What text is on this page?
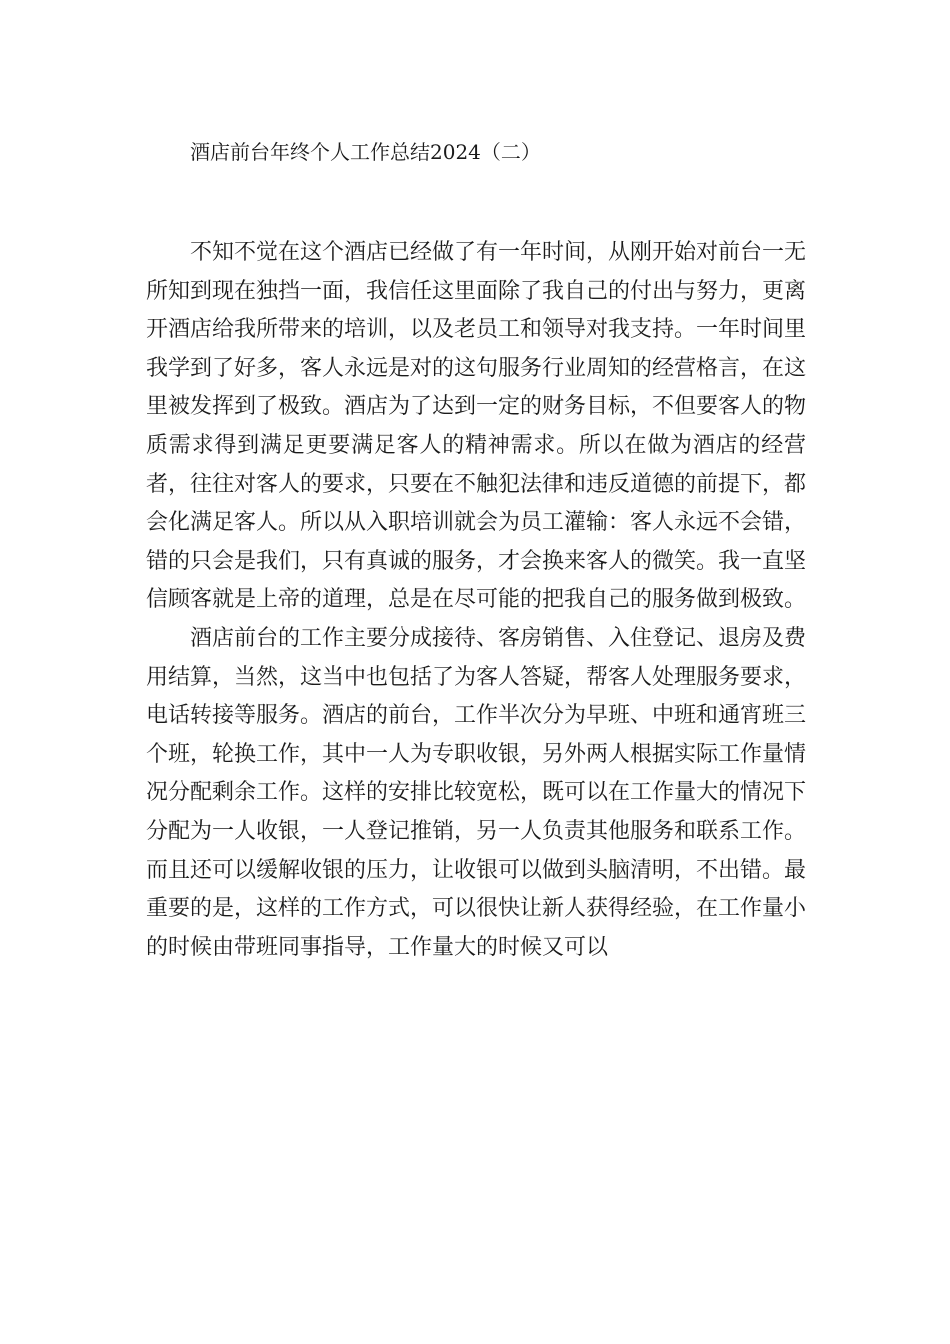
酒店前台年终个人工作总结2024（二）

不知不觉在这个酒店已经做了有一年时间，从刚开始对前台一无所知到现在独挡一面，我信任这里面除了我自己的付出与努力，更离开酒店给我所带来的培训，以及老员工和领导对我支持。一年时间里我学到了好多，客人永远是对的这句服务行业周知的经营格言，在这里被发挥到了极致。酒店为了达到一定的财务目标，不但要客人的物质需求得到满足更要满足客人的精神需求。所以在做为酒店的经营者，往往对客人的要求，只要在不触犯法律和违反道德的前提下，都会化满足客人。所以从入职培训就会为员工灌输：客人永远不会错，错的只会是我们，只有真诚的服务，才会换来客人的微笑。我一直坚信顾客就是上帝的道理，总是在尽可能的把我自己的服务做到极致。

酒店前台的工作主要分成接待、客房销售、入住登记、退房及费用结算，当然，这当中也包括了为客人答疑，帮客人处理服务要求，电话转接等服务。酒店的前台，工作半次分为早班、中班和通宵班三个班，轮换工作，其中一人为专职收银，另外两人根据实际工作量情况分配剩余工作。这样的安排比较宽松，既可以在工作量大的情况下分配为一人收银，一人登记推销，另一人负责其他服务和联系工作。而且还可以缓解收银的压力，让收银可以做到头脑清明，不出错。最重要的是，这样的工作方式，可以很快让新人获得经验，在工作量小的时候由带班同事指导，工作量大的时候又可以
